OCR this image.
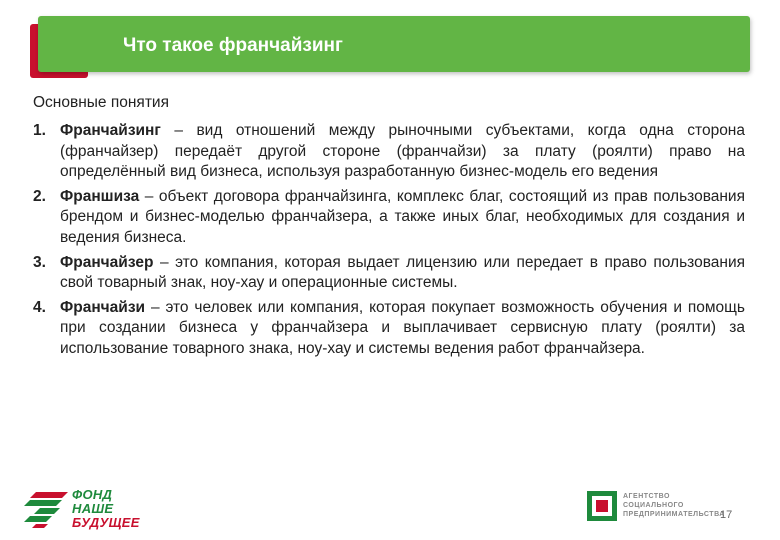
Что такое франчайзинг
Основные понятия
1. Франчайзинг – вид отношений между рыночными субъектами, когда одна сторона (франчайзер) передаёт другой стороне (франчайзи) за плату (роялти) право на определённый вид бизнеса, используя разработанную бизнес-модель его ведения
2. Франшиза – объект договора франчайзинга, комплекс благ, состоящий из прав пользования брендом и бизнес-моделью франчайзера, а также иных благ, необходимых для создания и ведения бизнеса.
3. Франчайзер – это компания, которая выдает лицензию или передает в право пользования свой товарный знак, ноу-хау и операционные системы.
4. Франчайзи – это человек или компания, которая покупает возможность обучения и помощь при создании бизнеса у франчайзера и выплачивает сервисную плату (роялти) за использование товарного знака, ноу-хау и системы ведения работ франчайзера.
ФОНД
НАШЕ
БУДУЩЕЕ
АГЕНТСТВО
СОЦИАЛЬНОГО
ПРЕДПРИНИМАТЕЛЬСТВА
17
